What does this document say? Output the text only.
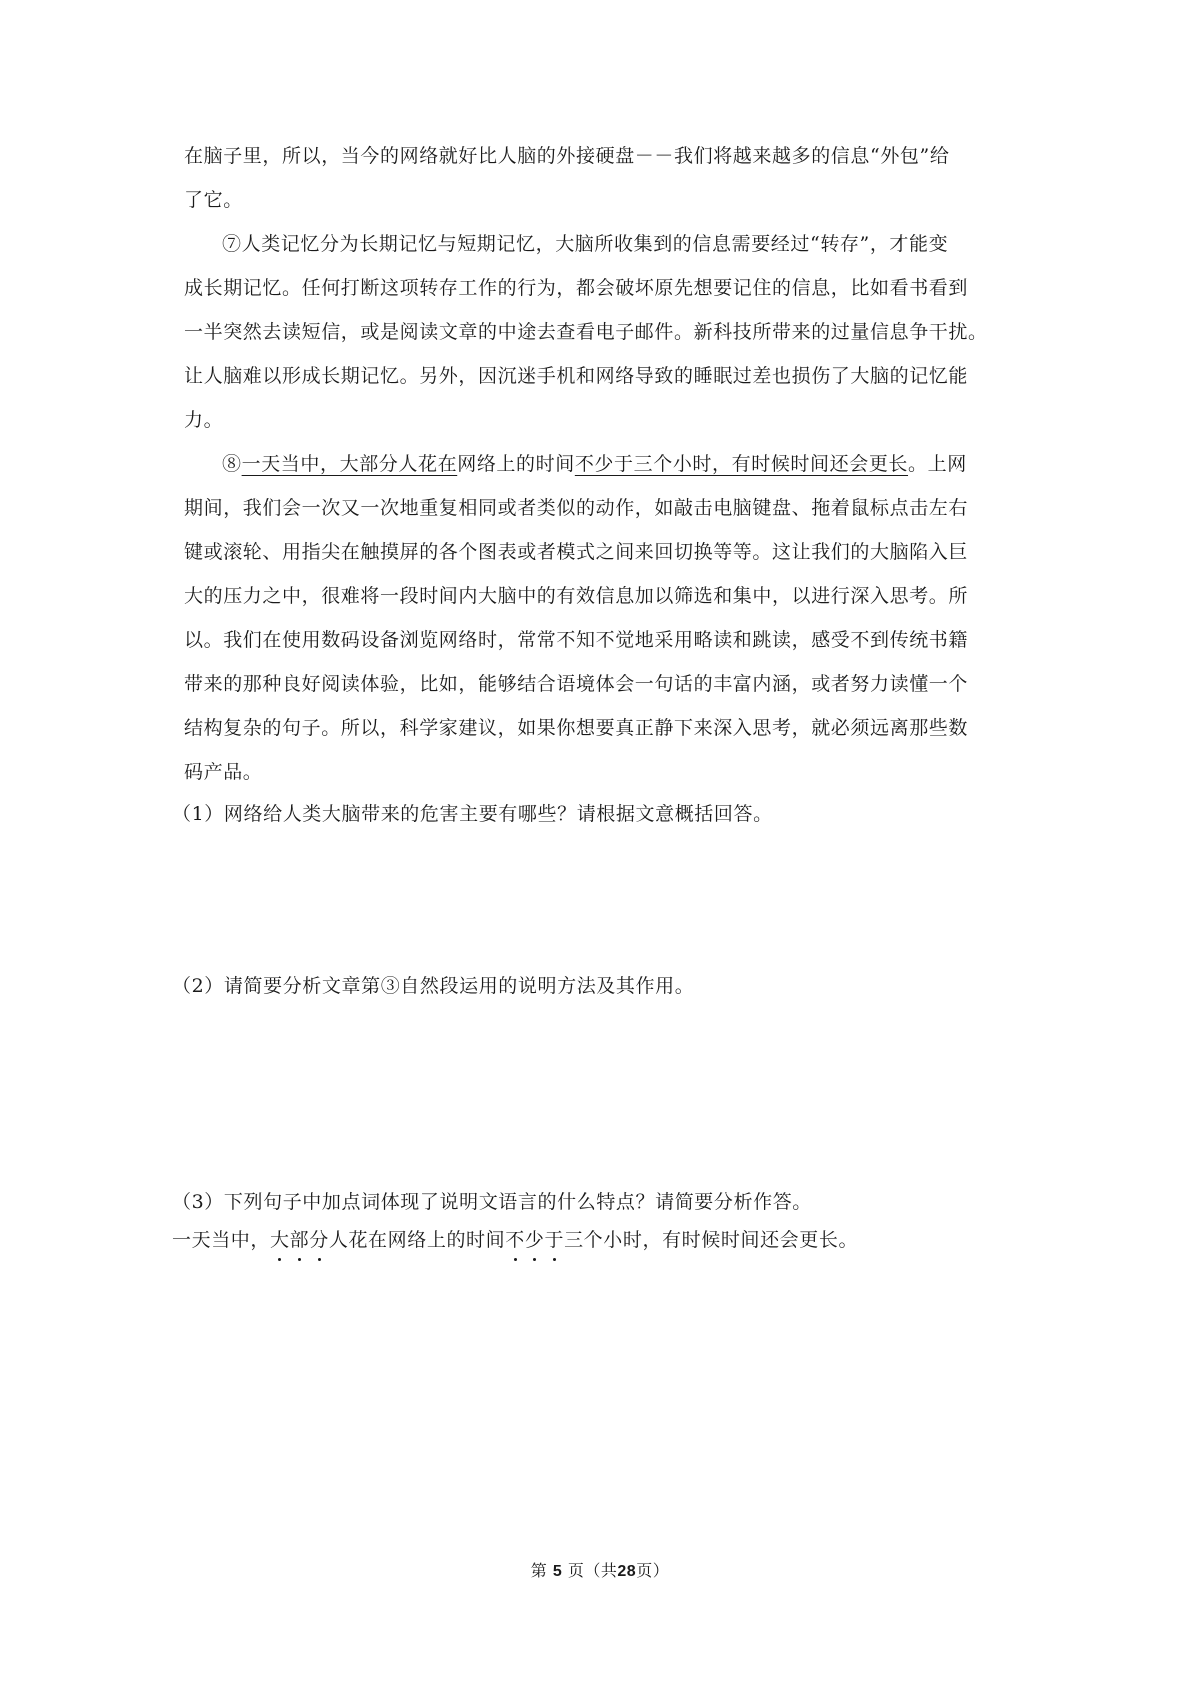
在脑子里，所以，当今的网络就好比人脑的外接硬盘－－我们将越来越多的信息“外包”给
了它。
⑦人类记忆分为长期记忆与短期记忆，大脑所收集到的信息需要经过“转存”，才能变
成长期记忆。任何打断这项转存工作的行为，都会破坏原先想要记住的信息，比如看书看到
一半突然去读短信，或是阅读文章的中途去查看电子邮件。新科技所带来的过量信息争干扰。
让人脑难以形成长期记忆。另外，因沉迷手机和网络导致的睡眠过差也损伤了大脑的记忆能
力。
⑧一天当中，大部分人花在网络上的时间不少于三个小时，有时候时间还会更长。上网
期间，我们会一次又一次地重复相同或者类似的动作，如敲击电脑键盘、拖着鼠标点击左右
键或滚轮、用指尖在触摸屏的各个图表或者模式之间来回切换等等。这让我们的大脑陷入巨
大的压力之中，很难将一段时间内大脑中的有效信息加以筛选和集中，以进行深入思考。所
以。我们在使用数码设备浏览网络时，常常不知不觉地采用略读和跳读，感受不到传统书籍
带来的那种良好阅读体验，比如，能够结合语境体会一句话的丰富内涵，或者努力读懂一个
结构复杂的句子。所以，科学家建议，如果你想要真正静下来深入思考，就必须远离那些数
码产品。
（1）网络给人类大脑带来的危害主要有哪些？请根据文意概括回答。
（2）请简要分析文章第③自然段运用的说明方法及其作用。
（3）下列句子中加点词体现了说明文语言的什么特点？请简要分析作答。
一天当中，大部分人花在网络上的时间不少于三个小时，有时候时间还会更长。
第 5 页（共28页）
